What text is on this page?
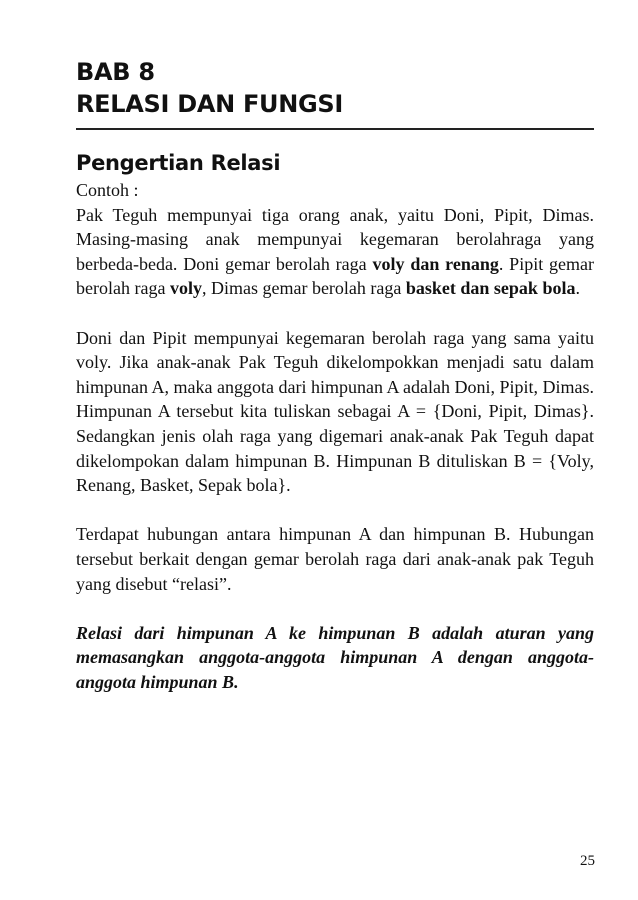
BAB 8

RELASI DAN FUNGSI

Pengertian Relasi

Contoh :

Pak Teguh mempunyai tiga orang anak, yaitu Doni, Pipit, Dimas. Masing-masing anak mempunyai kegemaran berolahraga yang berbeda-beda. Doni gemar berolah raga voly dan renang. Pipit gemar berolah raga voly, Dimas gemar berolah raga basket dan sepak bola.

Doni dan Pipit mempunyai kegemaran berolah raga yang sama yaitu voly. Jika anak-anak Pak Teguh dikelompokkan menjadi satu dalam himpunan A, maka anggota dari himpunan A adalah Doni, Pipit, Dimas. Himpunan A tersebut kita tuliskan sebagai A = {Doni, Pipit, Dimas}. Sedangkan jenis olah raga yang digemari anak-anak Pak Teguh dapat dikelompokan dalam himpunan B. Himpunan B dituliskan B = {Voly, Renang, Basket, Sepak bola}.

Terdapat hubungan antara himpunan A dan himpunan B. Hubungan tersebut berkait dengan gemar berolah raga dari anak-anak pak Teguh yang disebut “relasi”.

Relasi dari himpunan A ke himpunan B adalah aturan yang memasangkan anggota-anggota himpunan A dengan anggota-anggota himpunan B.

25
